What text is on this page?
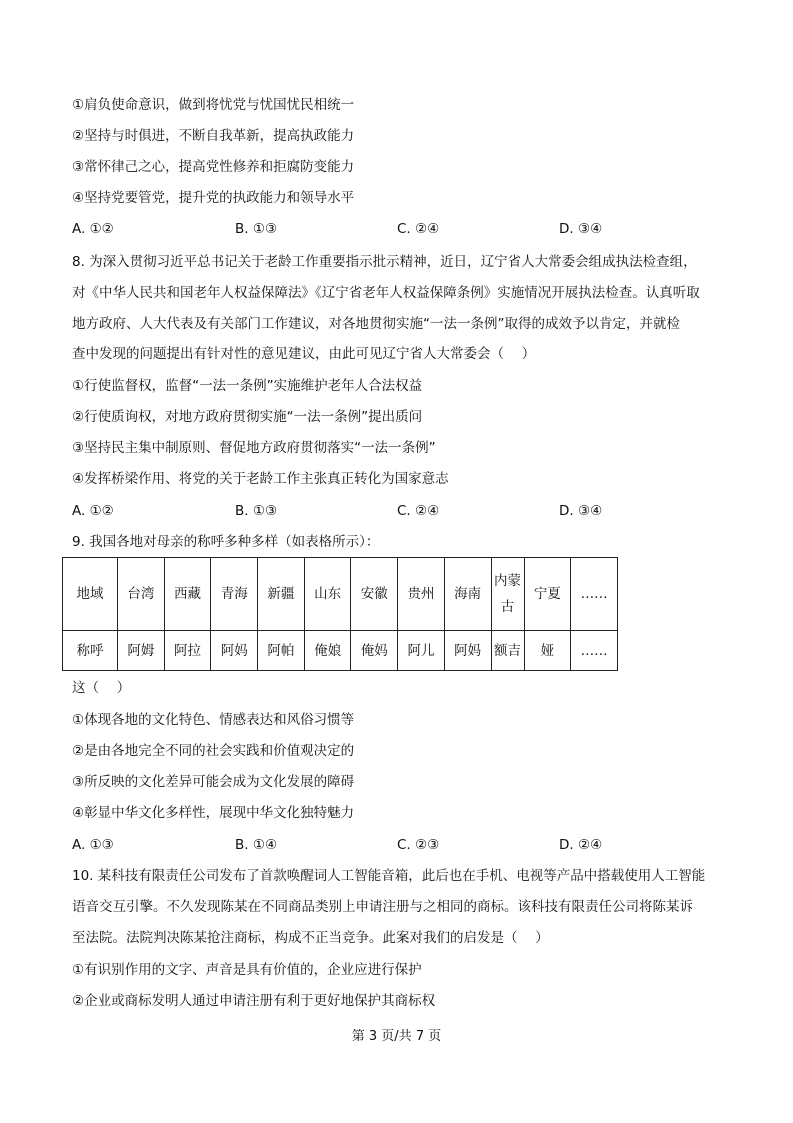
①肩负使命意识，做到将忧党与忧国忧民相统一
②坚持与时俱进，不断自我革新，提高执政能力
③常怀律己之心，提高党性修养和拒腐防变能力
④坚持党要管党，提升党的执政能力和领导水平
A. ①②	B. ①③	C. ②④	D. ③④
8. 为深入贯彻习近平总书记关于老龄工作重要指示批示精神，近日，辽宁省人大常委会组成执法检查组，
对《中华人民共和国老年人权益保障法》《辽宁省老年人权益保障条例》实施情况开展执法检查。认真听取
地方政府、人大代表及有关部门工作建议，对各地贯彻实施“一法一条例”取得的成效予以肯定，并就检
查中发现的问题提出有针对性的意见建议，由此可见辽宁省人大常委会（　 ）
①行使监督权，监督“一法一条例”实施维护老年人合法权益
②行使质询权，对地方政府贯彻实施“一法一条例”提出质问
③坚持民主集中制原则、督促地方政府贯彻落实“一法一条例”
④发挥桥梁作用、将党的关于老龄工作主张真正转化为国家意志
A. ①②	B. ①③	C. ②④	D. ③④
9. 我国各地对母亲的称呼多种多样（如表格所示）：
地域	台湾	西藏	青海	新疆	山东	安徽	贵州	海南	内蒙古	宁夏	……
称呼	阿姆	阿拉	阿妈	阿帕	俺娘	俺妈	阿儿	阿妈	额吉	娅	……
这（　 ）
①体现各地的文化特色、情感表达和风俗习惯等
②是由各地完全不同的社会实践和价值观决定的
③所反映的文化差异可能会成为文化发展的障碍
④彰显中华文化多样性，展现中华文化独特魅力
A. ①③	B. ①④	C. ②③	D. ②④
10. 某科技有限责任公司发布了首款唤醒词人工智能音箱，此后也在手机、电视等产品中搭载使用人工智能
语音交互引擎。不久发现陈某在不同商品类别上申请注册与之相同的商标。该科技有限责任公司将陈某诉
至法院。法院判决陈某抢注商标，构成不正当竞争。此案对我们的启发是（　 ）
①有识别作用的文字、声音是具有价值的，企业应进行保护
②企业或商标发明人通过申请注册有利于更好地保护其商标权
第 3 页/共 7 页
